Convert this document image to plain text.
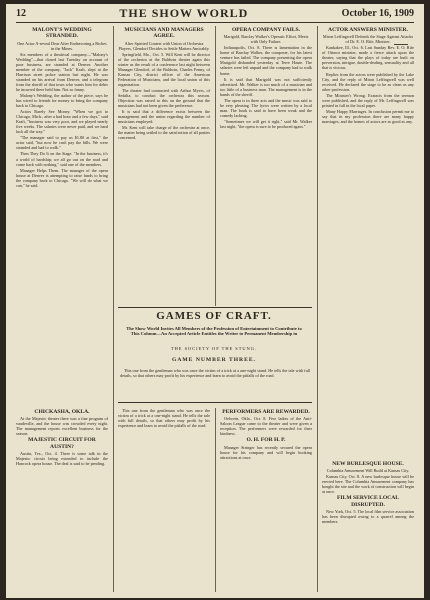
12	THE SHOW WORLD	October 16, 1909
MALONY'S WEDDING STRANDED.
One Actor A-reveal Dear After Endeavoring a Riches in the Mines.

Six members of a theatrical company—"Malony's Wedding"—that closed last Tuesday on account of poor business, are stranded at Denver. Another member of the company, "Jack" Kraft, slept at the Harrison street police station last night. He was stranded on his arrival from Denver, and a telegram from the sheriff of that town who wants him for debts he incurred there held him. Not so funny.

Malony's Wedding, the author of the piece, says he has wired to friends for money to bring the company back to Chicago.

Actors Rarely See Money. "When we got to Chicago, Mich., after a bad hour and a few days," said Kraft, "business was very poor, and we played nearly five weeks. The salaries were never paid, and we hard luck all the way."

"The manager said to pay us $1.80 at first," the actor said, "but now he can't pay the bills. We were stranded and had to walk."

Then They Do It on the Stage. "In the business, it's a world of hardship; we all go out on the road and come back with nothing," said one of the members.

Manager Helps Them. The manager of the opera house at Denver is attempting to raise funds to bring the company back to Chicago. "We will do what we can," he said.

MUSICIANS AND MANAGERS AGREE.
After Spirited Contest with Union of Orchestra Players, Glendorf Decides to Settle Matters Amicably.

Springfield, Mo., Oct. 5. Will Kent will be director of the orchestra at the Baldwin theater again this winter as the result of a conference last night between Manager Glendorf, of the Baldwin, Charles Fenny, of Kansas City, district officer of the American Federation of Musicians, and the local union of this organization.

The theater had contracted with Arthur Myers, of Sedalia, to conduct the orchestra this season. Objection was raised to this on the ground that the musicians had not been given the preference.

It is said that a difference exists between the management and the union regarding the number of musicians employed.

Mr. Kent will take charge of the orchestra at once, the matter being settled to the satisfaction of all parties concerned.

OPERA COMPANY FAILS.
Marigold, Barclay Walker's Operatic Effort, Meets with Only Failure.

Indianapolis, Oct. 8. There is lamentation in the home of Barclay Walker, the composer, for his latest venture has failed. The company presenting the opera Marigold disbanded yesterday at Terre Haute. The salaries were left unpaid and the company had to walk home.

It is said that Marigold was not sufficiently advertised. Mr. Walker is too much of a musician and too little of a business man. The management is in the hands of the sheriff.

The opera is in three acts and the music was said to be very pleasing. The lyrics were written by a local man. The book is said to have been weak and the comedy lacking.

"Sometimes we will get it right," said Mr. Walker last night, "the opera is sure to be produced again."

ACTOR ANSWERS MINISTER.
Miron Leffingwell Defends the Stage Against Attacks of Dr. E. O. Rife, Minister.

Kankakee, Ill., Oct. 6. Last Sunday Rev. E. O. Rife of Ottawa minister, made a fierce attack upon the theater, saying that the plays of today are built on perversion, intrigue, double-dealing, sensuality and all that is vicious.

Replies from the actors were published by the Lake City, and the reply of Miron Leffingwell was well received. He declared the stage to be as clean as any other profession.

The Minister's Wrong. Extracts from the sermon were published, and the reply of Mr. Leffingwell was printed in full in the local paper.

Many Happy Marriages. In conclusion permit me to say that in my profession there are many happy marriages, and the homes of actors are as good as any.

GAMES OF CRAFT.
The Show World Invites All Members of the Profession of Entertainment to Contribute to This Column—An Accepted Article Entitles the Writer to Permanent Membership in
THE SOCIETY OF THE STUNG.
GAME NUMBER THREE.

This one from the gentleman who was once the victim of a trick at a one-night stand. He tells the tale with full details, so that others may profit by his experience and learn to avoid the pitfalls of the road.

CHICKASHA, OKLA.

At the Majestic theater there was a fine program of vaudeville, and the house was crowded every night. The management reports excellent business for the season.

MAJESTIC CIRCUIT FOR AUSTIN?

Austin, Tex., Oct. 4. There is some talk in the Majestic circuit being extended to include the Hancock opera house. The deal is said to be pending.

This one from the gentleman who was once the victim of a trick at a one-night stand. He tells the tale with full details, so that others may profit by his experience and learn to avoid the pitfalls of the road.

PERFORMERS ARE REWARDED.

Oelwein, Okla., Oct. 8. Five ladies of the Anti-Saloon League came to the theater and were given a reception. The performers were rewarded for their kindness.

O. H. FOR H. P.

Manager Stringer has recently secured the opera house for his company and will begin booking attractions at once.

NEW BURLESQUE HOUSE.
Columbia Amusement Will Build at Kansas City.

Kansas City, Oct. 8. A new burlesque house will be erected here. The Columbia Amusement company has bought the site and the work of construction will begin at once.

FILM SERVICE LOCAL DISRUPTED.

New York, Oct. 5. The local film service association has been disrupted owing to a quarrel among the members.
